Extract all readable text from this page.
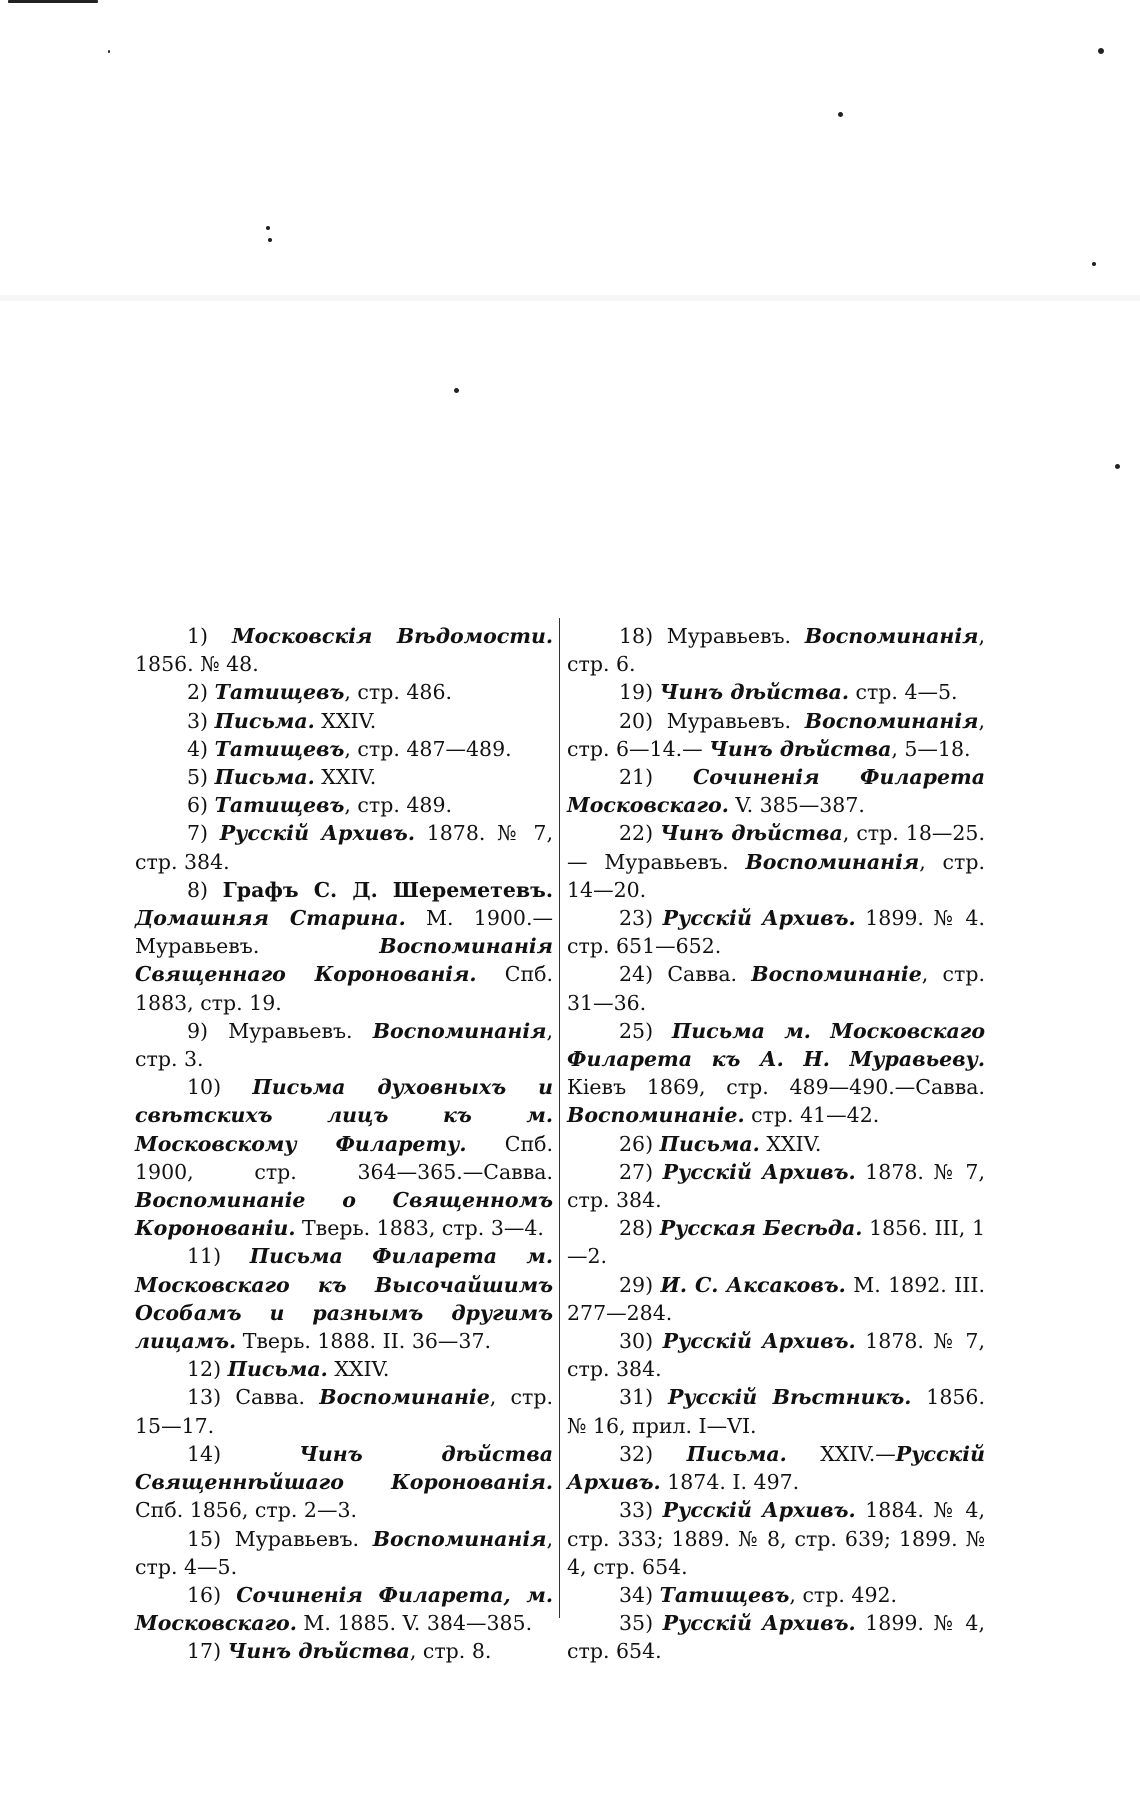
1) Московскія Вѣдомости. 1856. № 48.

2) Татищевъ, стр. 486.

3) Письма. XXIV.

4) Татищевъ, стр. 487—489.

5) Письма. XXIV.

6) Татищевъ, стр. 489.

7) Русскій Архивъ. 1878. № 7, стр. 384.

8) Графъ С. Д. Шереметевъ. Домашняя Старина. М. 1900.—Муравьевъ. Воспоминанія Священнаго Коронованія. Спб. 1883, стр. 19.

9) Муравьевъ. Воспоминанія, стр. 3.

10) Письма духовныхъ и свѣтскихъ лицъ къ м. Московскому Филарету. Спб. 1900, стр. 364—365.—Савва. Воспоминаніе о Священномъ Коронованіи. Тверь. 1883, стр. 3—4.

11) Письма Филарета м. Московскаго къ Высочайшимъ Особамъ и разнымъ другимъ лицамъ. Тверь. 1888. II. 36—37.

12) Письма. XXIV.

13) Савва. Воспоминаніе, стр. 15—17.

14) Чинъ дѣйства Священнѣйшаго Коронованія. Спб. 1856, стр. 2—3.

15) Муравьевъ. Воспоминанія, стр. 4—5.

16) Сочиненія Филарета, м. Московскаго. М. 1885. V. 384—385.

17) Чинъ дѣйства, стр. 8.

18) Муравьевъ. Воспоминанія, стр. 6.

19) Чинъ дѣйства. стр. 4—5.

20) Муравьевъ. Воспоминанія, стр. 6—14.— Чинъ дѣйства, 5—18.

21) Сочиненія Филарета Московскаго. V. 385—387.

22) Чинъ дѣйства, стр. 18—25.— Муравьевъ. Воспоминанія, стр. 14—20.

23) Русскій Архивъ. 1899. № 4. стр. 651—652.

24) Савва. Воспоминаніе, стр. 31—36.

25) Письма м. Московскаго Филарета къ А. Н. Муравьеву. Кіевъ 1869, стр. 489—490.—Савва. Воспоминаніе. стр. 41—42.

26) Письма. XXIV.

27) Русскій Архивъ. 1878. № 7, стр. 384.

28) Русская Бесѣда. 1856. III, 1—2.

29) И. С. Аксаковъ. М. 1892. III. 277—284.

30) Русскій Архивъ. 1878. № 7, стр. 384.

31) Русскій Вѣстникъ. 1856. № 16, прил. I—VI.

32) Письма. XXIV.—Русскій Архивъ. 1874. I. 497.

33) Русскій Архивъ. 1884. № 4, стр. 333; 1889. № 8, стр. 639; 1899. № 4, стр. 654.

34) Татищевъ, стр. 492.

35) Русскій Архивъ. 1899. № 4, стр. 654.
